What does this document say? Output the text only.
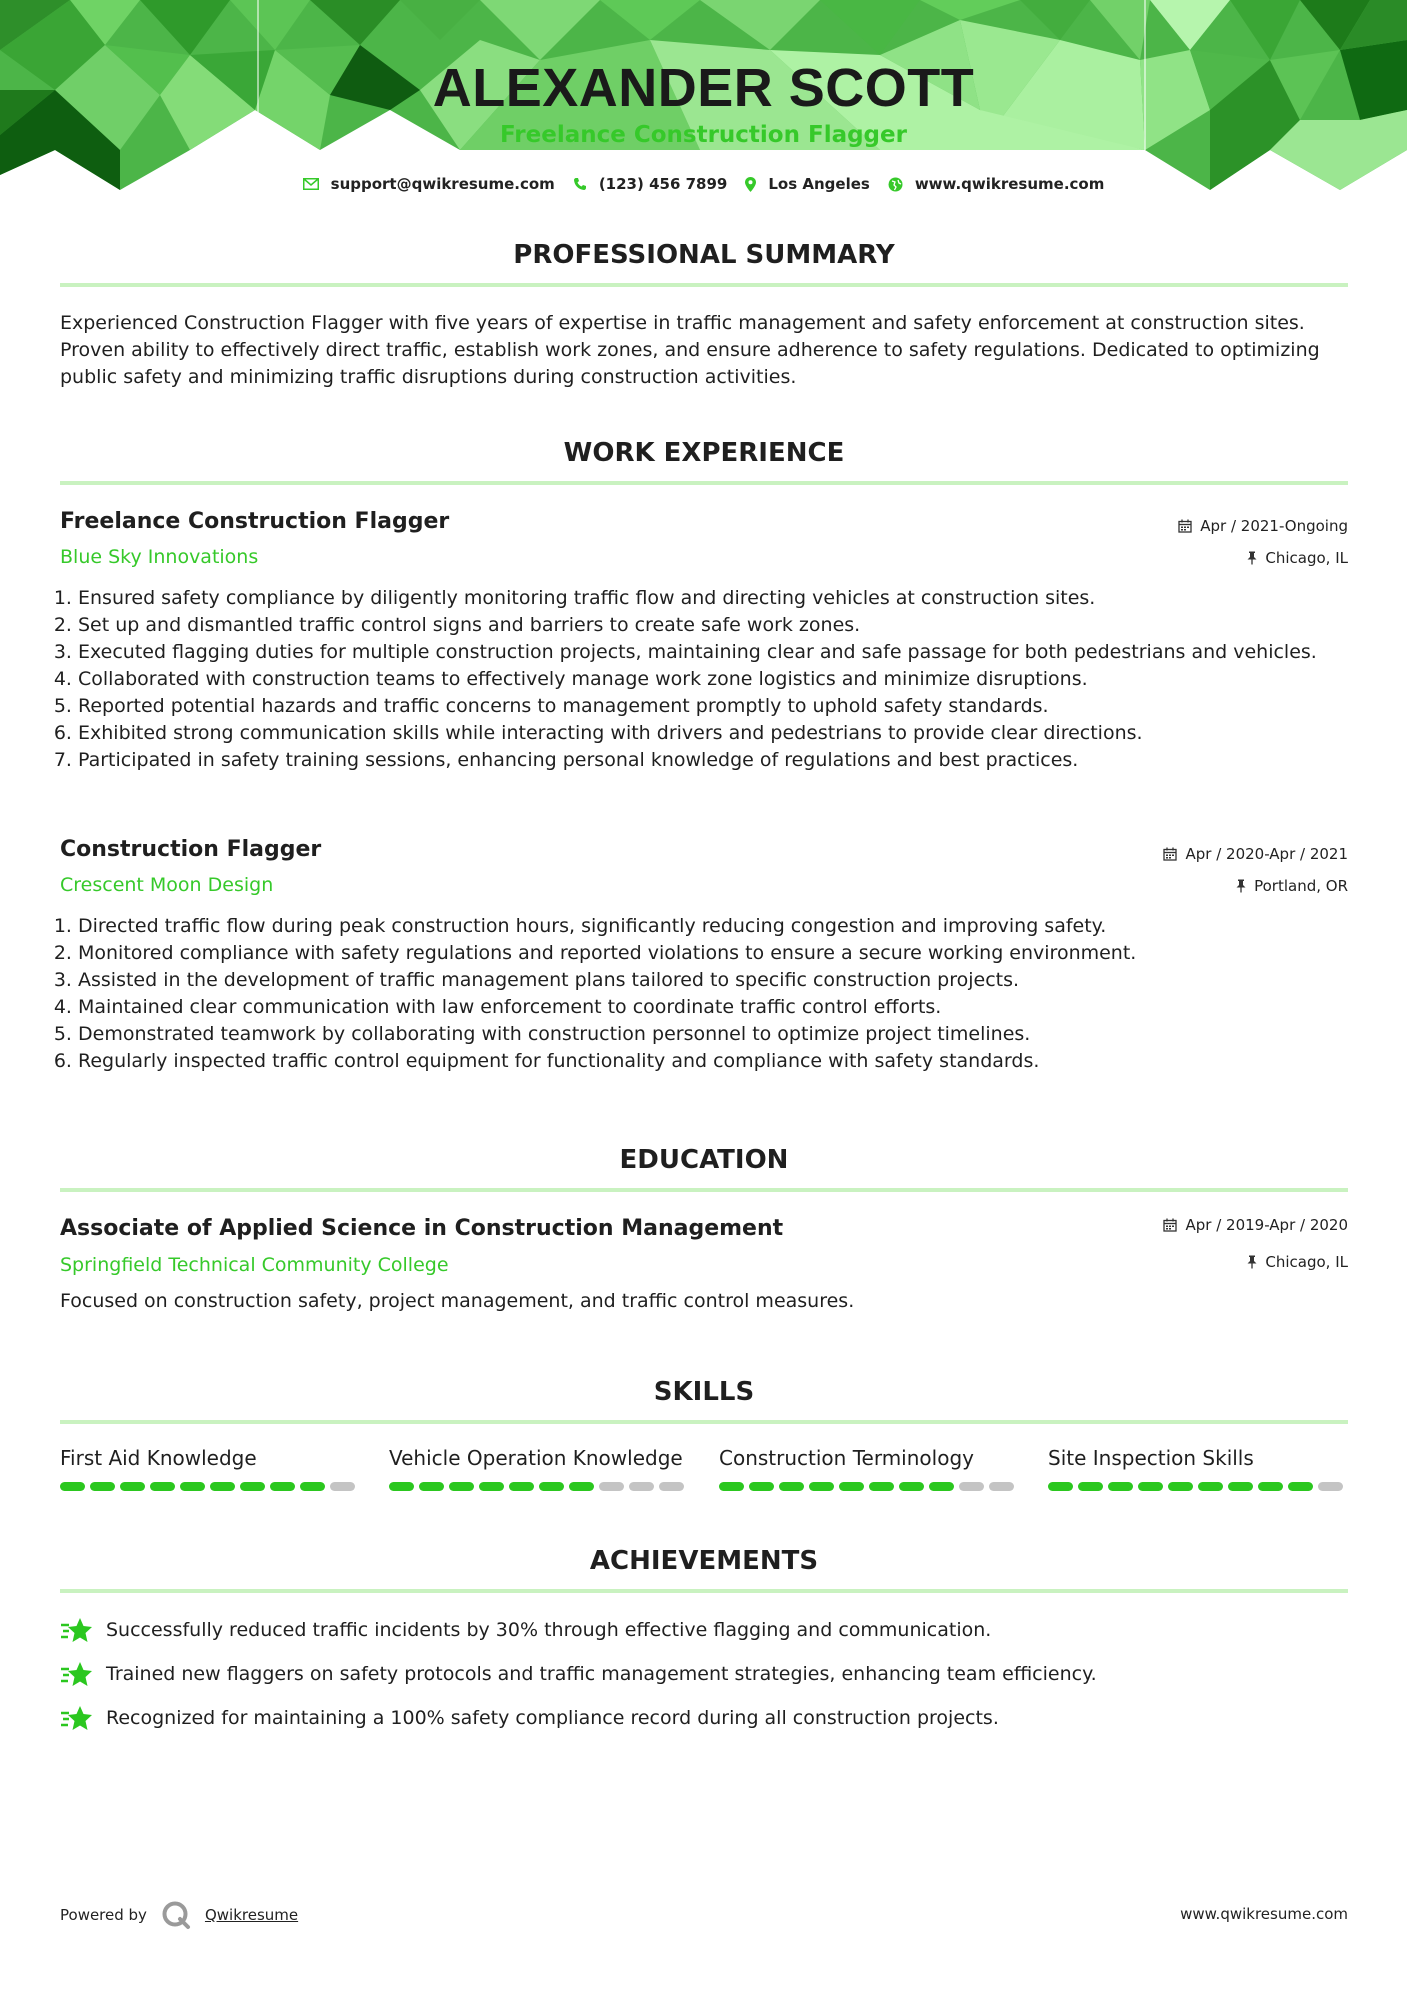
ALEXANDER SCOTT
Freelance Construction Flagger
support@qwikresume.com	(123) 456 7899	Los Angeles	www.qwikresume.com
PROFESSIONAL SUMMARY
Experienced Construction Flagger with five years of expertise in traffic management and safety enforcement at construction sites. Proven ability to effectively direct traffic, establish work zones, and ensure adherence to safety regulations. Dedicated to optimizing public safety and minimizing traffic disruptions during construction activities.
WORK EXPERIENCE
Freelance Construction Flagger	Apr / 2021-Ongoing
Blue Sky Innovations	Chicago, IL
1. Ensured safety compliance by diligently monitoring traffic flow and directing vehicles at construction sites.
2. Set up and dismantled traffic control signs and barriers to create safe work zones.
3. Executed flagging duties for multiple construction projects, maintaining clear and safe passage for both pedestrians and vehicles.
4. Collaborated with construction teams to effectively manage work zone logistics and minimize disruptions.
5. Reported potential hazards and traffic concerns to management promptly to uphold safety standards.
6. Exhibited strong communication skills while interacting with drivers and pedestrians to provide clear directions.
7. Participated in safety training sessions, enhancing personal knowledge of regulations and best practices.
Construction Flagger	Apr / 2020-Apr / 2021
Crescent Moon Design	Portland, OR
1. Directed traffic flow during peak construction hours, significantly reducing congestion and improving safety.
2. Monitored compliance with safety regulations and reported violations to ensure a secure working environment.
3. Assisted in the development of traffic management plans tailored to specific construction projects.
4. Maintained clear communication with law enforcement to coordinate traffic control efforts.
5. Demonstrated teamwork by collaborating with construction personnel to optimize project timelines.
6. Regularly inspected traffic control equipment for functionality and compliance with safety standards.
EDUCATION
Associate of Applied Science in Construction Management	Apr / 2019-Apr / 2020
Springfield Technical Community College	Chicago, IL
Focused on construction safety, project management, and traffic control measures.
SKILLS
First Aid Knowledge	Vehicle Operation Knowledge	Construction Terminology	Site Inspection Skills
ACHIEVEMENTS
Successfully reduced traffic incidents by 30% through effective flagging and communication.
Trained new flaggers on safety protocols and traffic management strategies, enhancing team efficiency.
Recognized for maintaining a 100% safety compliance record during all construction projects.
Powered by	Qwikresume	www.qwikresume.com
